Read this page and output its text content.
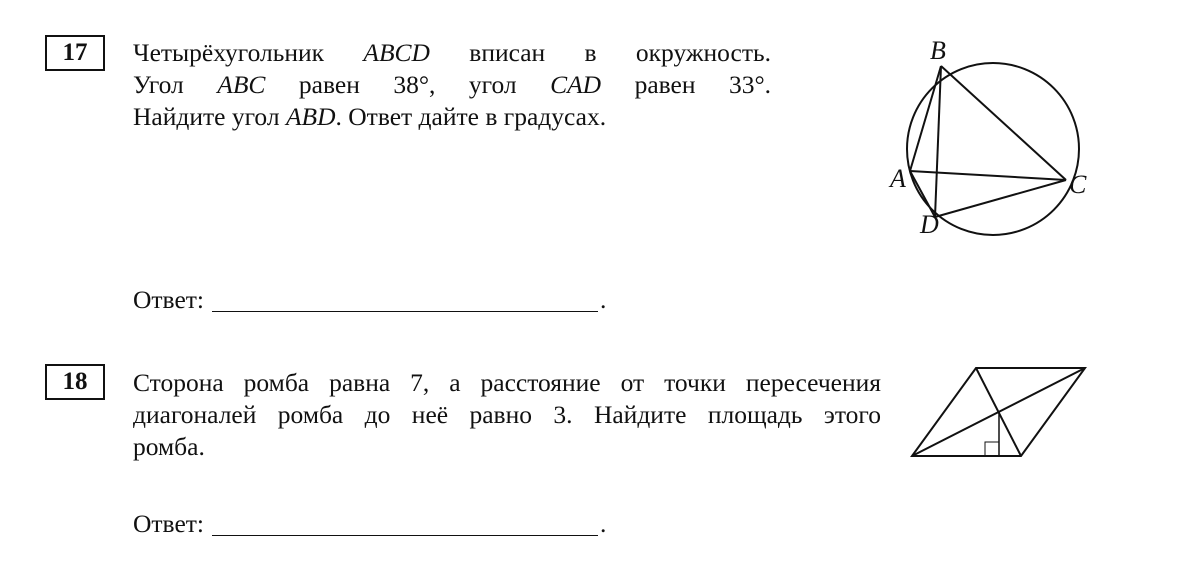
17	Четырёхугольник ABCD вписан в окружность.
Угол ABC равен 38°, угол CAD равен 33°.
Найдите угол ABD. Ответ дайте в градусах.
B
A	C
D
Ответ:	.
18	Сторона ромба равна 7, а расстояние от точки пересечения
диагоналей ромба до неё равно 3. Найдите площадь этого
ромба.
Ответ:	.
